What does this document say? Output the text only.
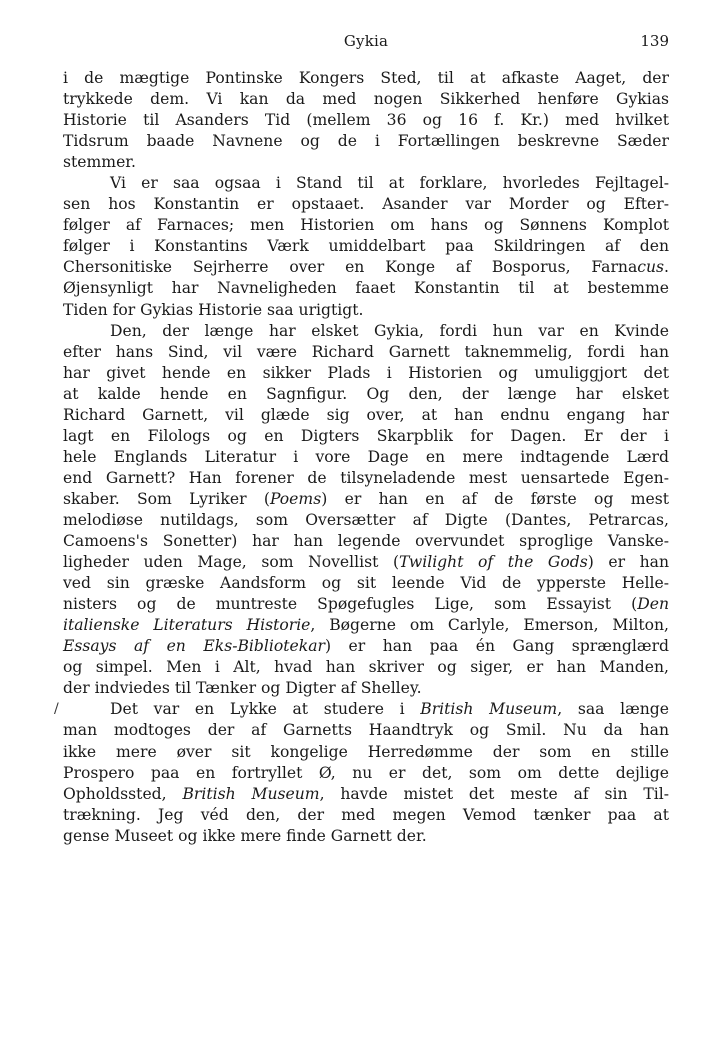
Gykia	139

i de mægtige Pontinske Kongers Sted, til at afkaste Aaget, der
trykkede dem. Vi kan da med nogen Sikkerhed henføre Gykias
Historie til Asanders Tid (mellem 36 og 16 f. Kr.) med hvilket
Tidsrum baade Navnene og de i Fortællingen beskrevne Sæder
stemmer.

Vi er saa ogsaa i Stand til at forklare, hvorledes Fejltagel-
sen hos Konstantin er opstaaet. Asander var Morder og Efter-
følger af Farnaces; men Historien om hans og Sønnens Komplot
følger i Konstantins Værk umiddelbart paa Skildringen af den
Chersonitiske Sejrherre over en Konge af Bosporus, Farnacus.
Øjensynligt har Navneligheden faaet Konstantin til at bestemme
Tiden for Gykias Historie saa urigtigt.

Den, der længe har elsket Gykia, fordi hun var en Kvinde
efter hans Sind, vil være Richard Garnett taknemmelig, fordi han
har givet hende en sikker Plads i Historien og umuliggjort det
at kalde hende en Sagnfigur. Og den, der længe har elsket
Richard Garnett, vil glæde sig over, at han endnu engang har
lagt en Filologs og en Digters Skarpblik for Dagen. Er der i
hele Englands Literatur i vore Dage en mere indtagende Lærd
end Garnett? Han forener de tilsyneladende mest uensartede Egen-
skaber. Som Lyriker (Poems) er han en af de første og mest
melodiøse nutildags, som Oversætter af Digte (Dantes, Petrarcas,
Camoens's Sonetter) har han legende overvundet sproglige Vanske-
ligheder uden Mage, som Novellist (Twilight of the Gods) er han
ved sin græske Aandsform og sit leende Vid de ypperste Helle-
nisters og de muntreste Spøgefugles Lige, som Essayist (Den
italienske Literaturs Historie, Bøgerne om Carlyle, Emerson, Milton,
Essays af en Eks-Bibliotekar) er han paa én Gang sprænglærd
og simpel. Men i Alt, hvad han skriver og siger, er han Manden,
der indviedes til Tænker og Digter af Shelley.

/	Det var en Lykke at studere i British Museum, saa længe
man modtoges der af Garnetts Haandtryk og Smil. Nu da han
ikke mere øver sit kongelige Herredømme der som en stille
Prospero paa en fortryllet Ø, nu er det, som om dette dejlige
Opholdssted, British Museum, havde mistet det meste af sin Til-
trækning. Jeg véd den, der med megen Vemod tænker paa at
gense Museet og ikke mere finde Garnett der.
